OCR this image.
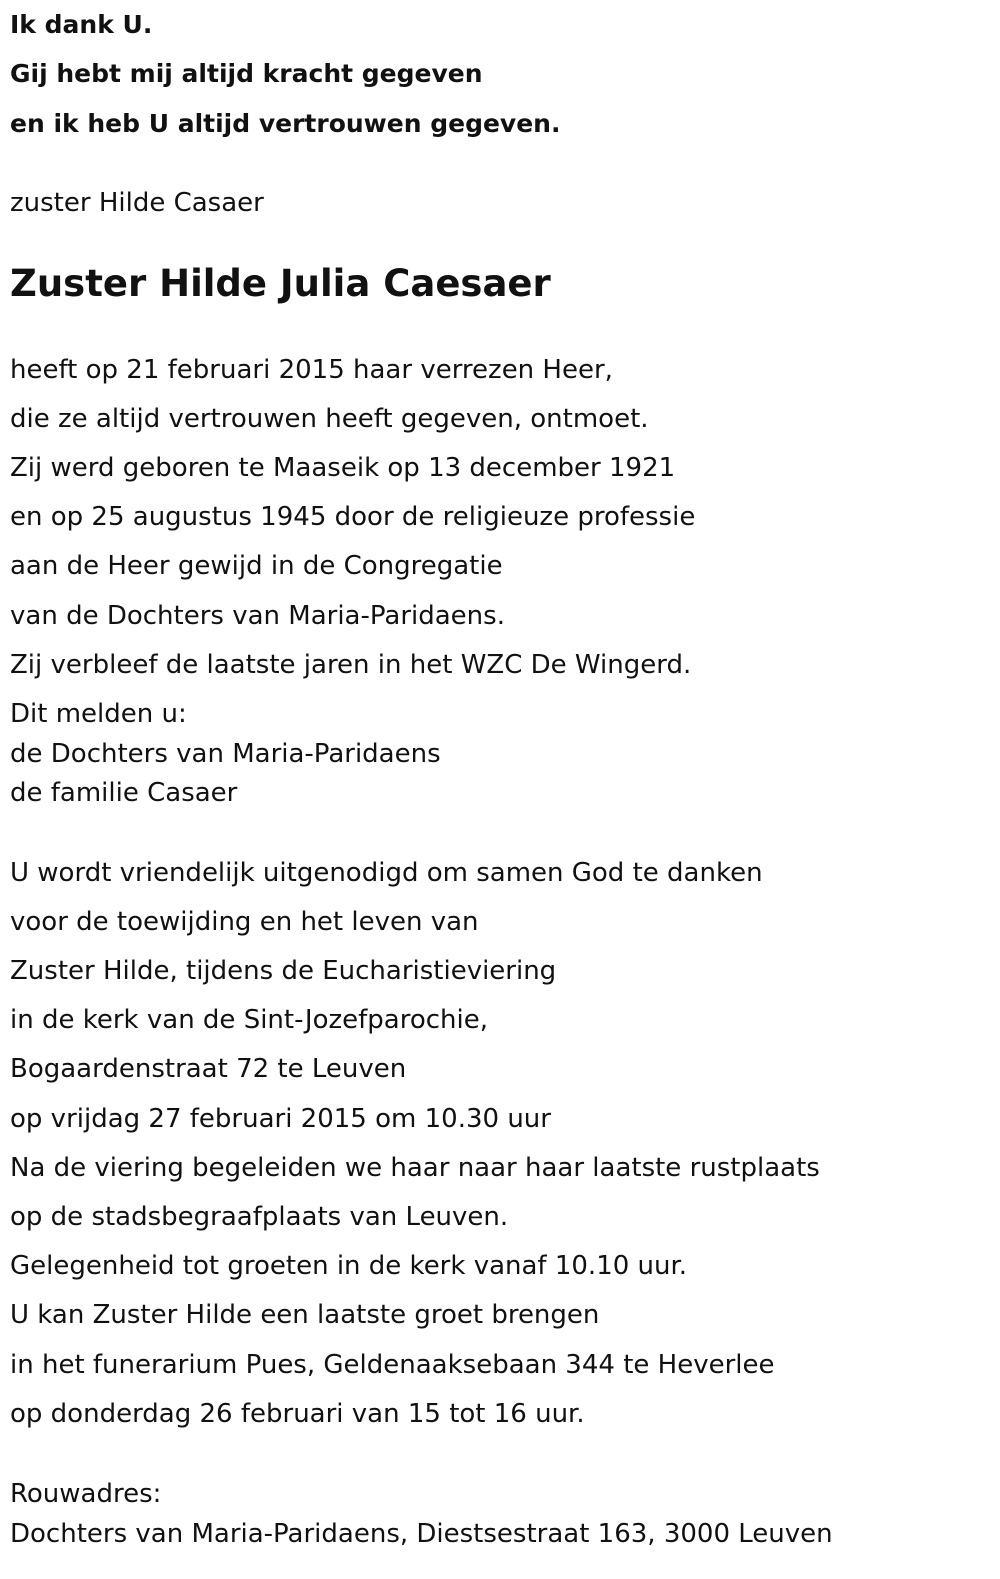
Ik dank U.
Gij hebt mij altijd kracht gegeven
en ik heb U altijd vertrouwen gegeven.
zuster Hilde Casaer
Zuster Hilde Julia Caesaer
heeft op 21 februari 2015 haar verrezen Heer,
die ze altijd vertrouwen heeft gegeven, ontmoet.
Zij werd geboren te Maaseik op 13 december 1921
en op 25 augustus 1945 door de religieuze professie
aan de Heer gewijd in de Congregatie
van de Dochters van Maria-Paridaens.
Zij verbleef de laatste jaren in het WZC De Wingerd.
Dit melden u:
de Dochters van Maria-Paridaens
de familie Casaer
U wordt vriendelijk uitgenodigd om samen God te danken
voor de toewijding en het leven van
Zuster Hilde, tijdens de Eucharistieviering
in de kerk van de Sint-Jozefparochie,
Bogaardenstraat 72 te Leuven
op vrijdag 27 februari 2015 om 10.30 uur
Na de viering begeleiden we haar naar haar laatste rustplaats
op de stadsbegraafplaats van Leuven.
Gelegenheid tot groeten in de kerk vanaf 10.10 uur.
U kan Zuster Hilde een laatste groet brengen
in het funerarium Pues, Geldenaaksebaan 344 te Heverlee
op donderdag 26 februari van 15 tot 16 uur.
Rouwadres:
Dochters van Maria-Paridaens, Diestsestraat 163, 3000 Leuven
